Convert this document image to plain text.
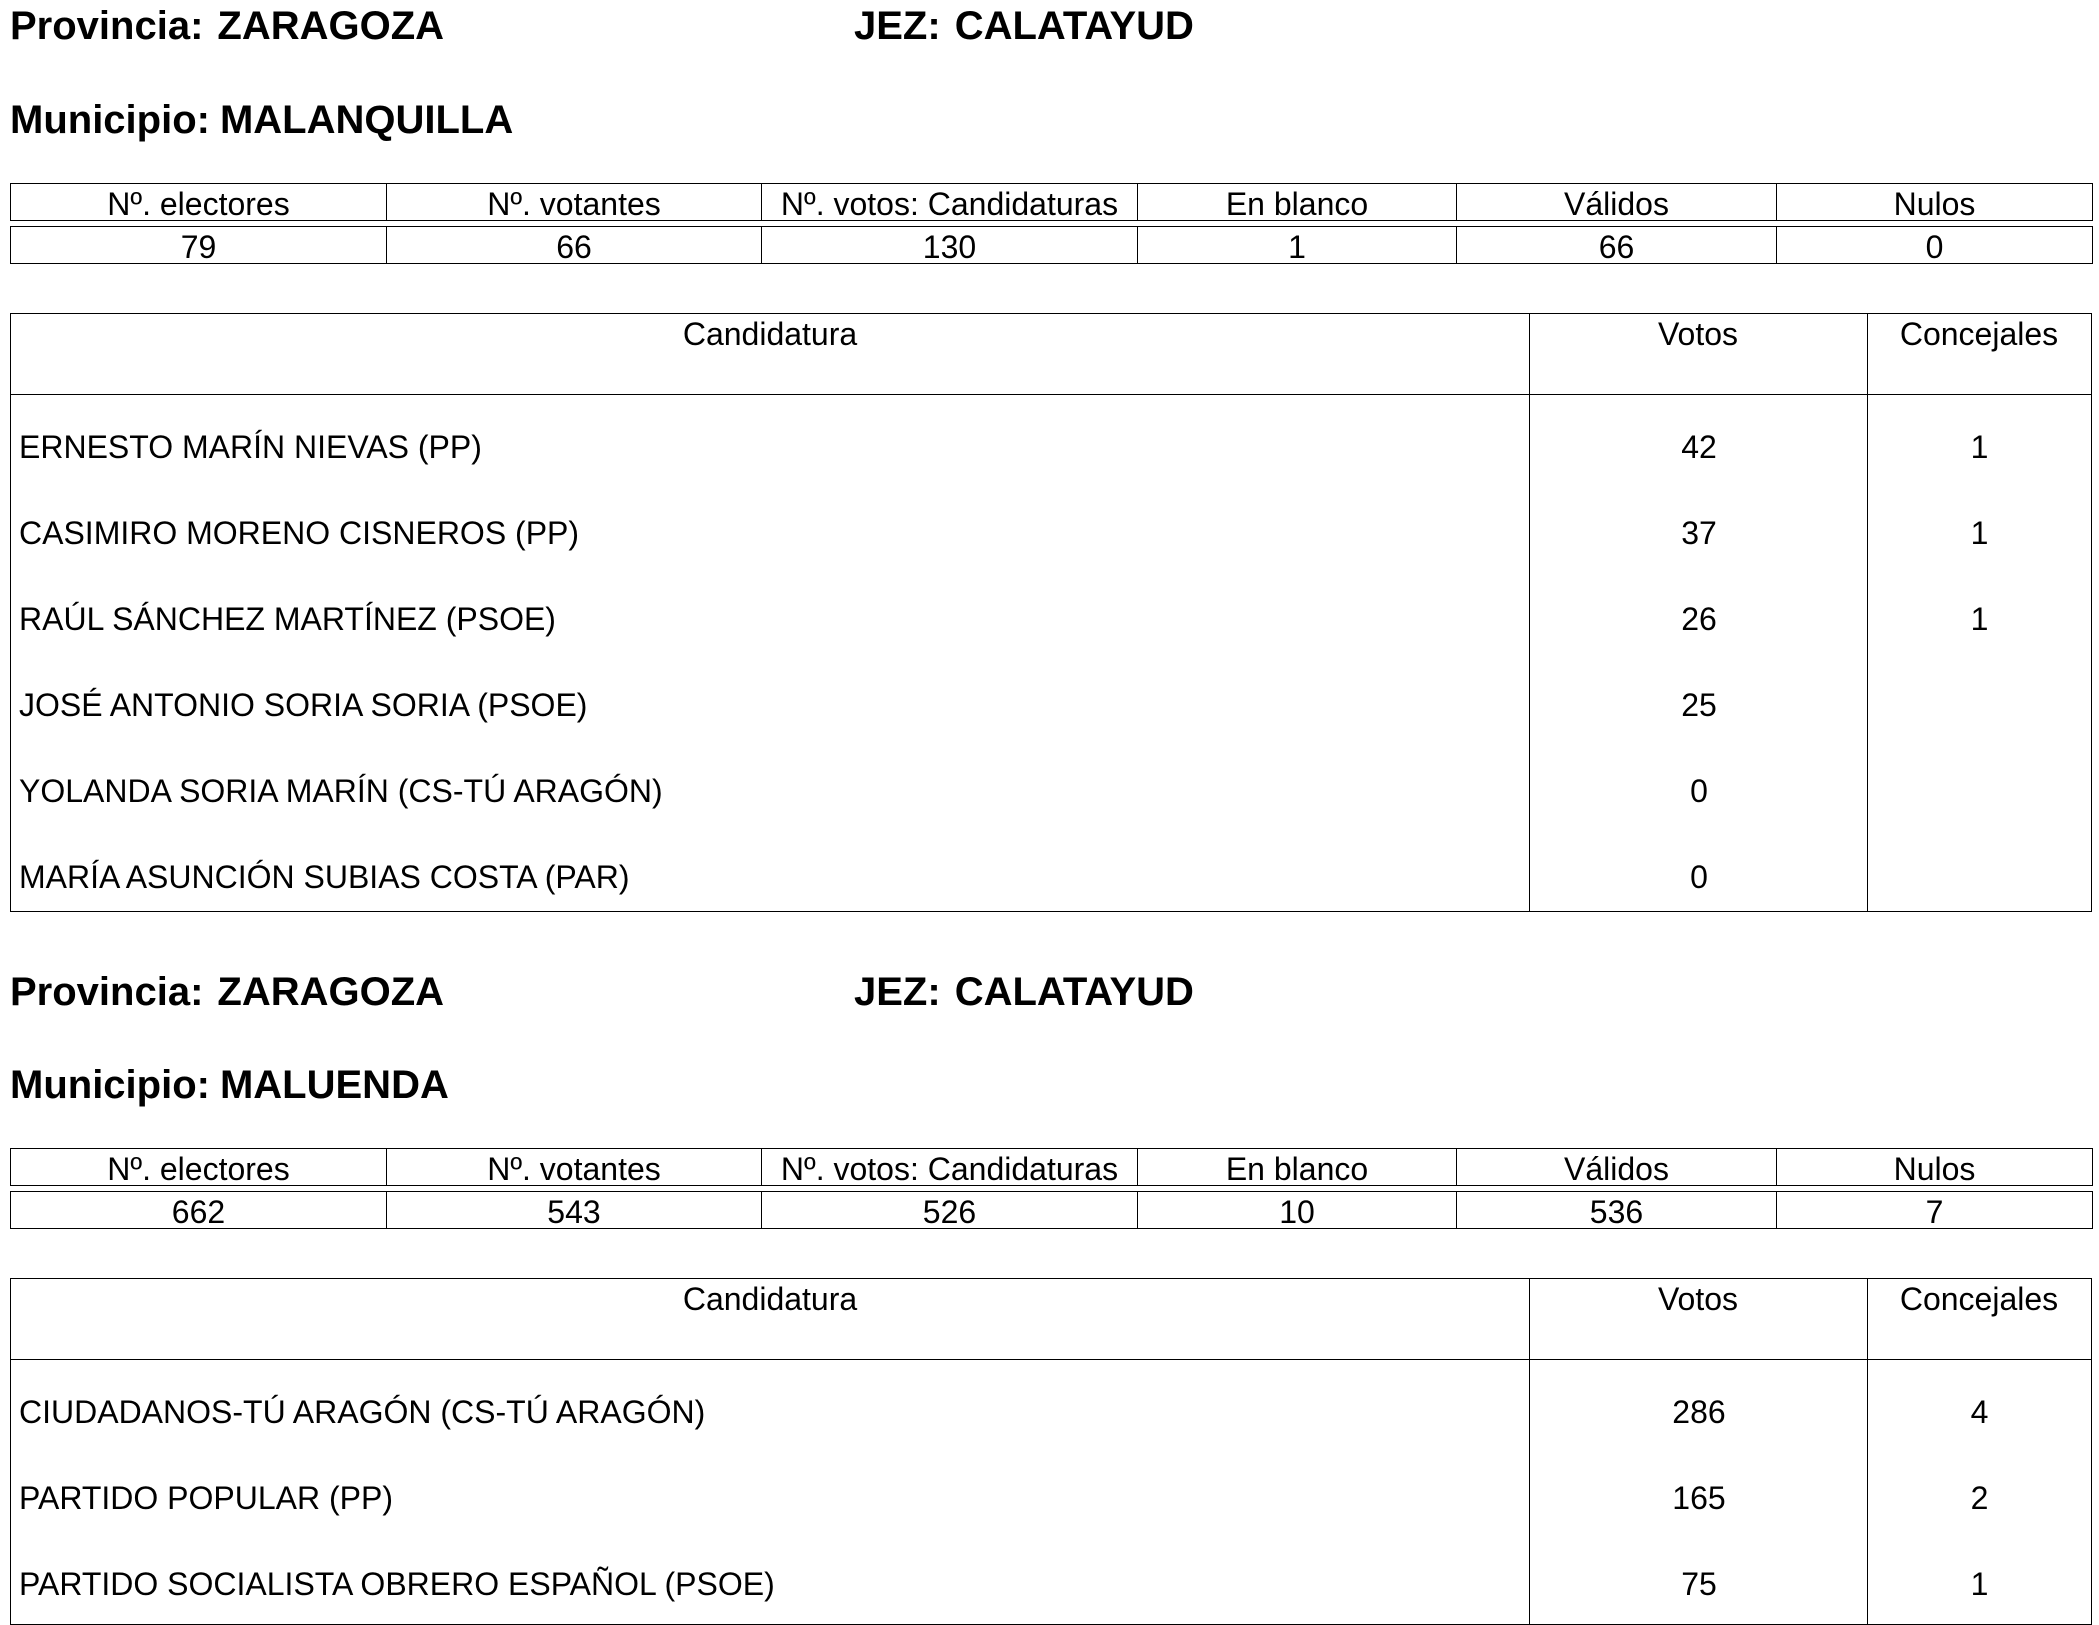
Provincia: ZARAGOZA	JEZ: CALATAYUD
Municipio: MALANQUILLA
Nº. electores	Nº. votantes	Nº. votos: Candidaturas	En blanco	Válidos	Nulos
79	66	130	1	66	0
Candidatura	Votos	Concejales
ERNESTO MARÍN NIEVAS (PP)	42	1
CASIMIRO MORENO CISNEROS (PP)	37	1
RAÚL SÁNCHEZ MARTÍNEZ (PSOE)	26	1
JOSÉ ANTONIO SORIA SORIA (PSOE)	25
YOLANDA SORIA MARÍN (CS-TÚ ARAGÓN)	0
MARÍA ASUNCIÓN SUBIAS COSTA (PAR)	0
Provincia: ZARAGOZA	JEZ: CALATAYUD
Municipio: MALUENDA
Nº. electores	Nº. votantes	Nº. votos: Candidaturas	En blanco	Válidos	Nulos
662	543	526	10	536	7
Candidatura	Votos	Concejales
CIUDADANOS-TÚ ARAGÓN (CS-TÚ ARAGÓN)	286	4
PARTIDO POPULAR (PP)	165	2
PARTIDO SOCIALISTA OBRERO ESPAÑOL (PSOE)	75	1
